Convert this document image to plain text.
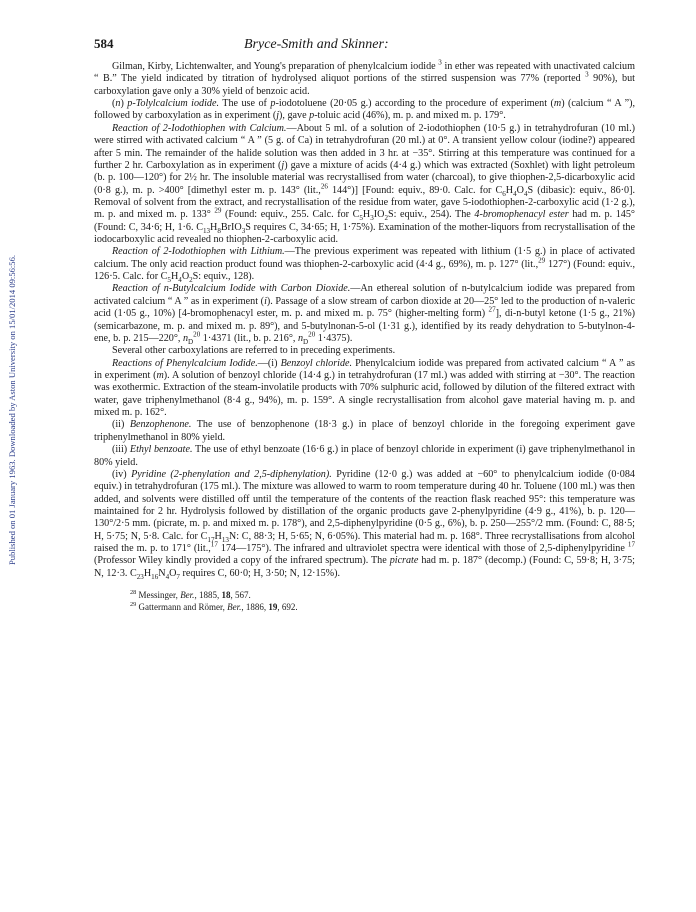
Published on 01 January 1963. Downloaded by Aston University on 15/01/2014 09:56:56.
584	Bryce-Smith and Skinner:

Gilman, Kirby, Lichtenwalter, and Young's preparation of phenylcalcium iodide $^3$ in ether was repeated with unactivated calcium “ B.” The yield indicated by titration of hydrolysed aliquot portions of the stirred suspension was 77% (reported $^3$ 90%), but carboxylation gave only a 30% yield of benzoic acid.

(n) p-Tolylcalcium iodide. The use of p-iodotoluene (20·05 g.) according to the procedure of experiment (m) (calcium “ A ”), followed by carboxylation as in experiment (j), gave p-toluic acid (46%), m. p. and mixed m. p. 179°.

Reaction of 2-Iodothiophen with Calcium.—About 5 ml. of a solution of 2-iodothiophen (10·5 g.) in tetrahydrofuran (10 ml.) were stirred with activated calcium “ A ” (5 g. of Ca) in tetrahydrofuran (20 ml.) at 0°. A transient yellow colour (iodine?) appeared after 5 min. The remainder of the halide solution was then added in 3 hr. at −35°. Stirring at this temperature was continued for a further 2 hr. Carboxylation as in experiment (j) gave a mixture of acids (4·4 g.) which was extracted (Soxhlet) with light petroleum (b. p. 100—120°) for 2½ hr. The insoluble material was recrystallised from water (charcoal), to give thiophen-2,5-dicarboxylic acid (0·8 g.), m. p. >400° [dimethyl ester m. p. 143° (lit.,$^{26}$ 144°)] [Found: equiv., 89·0. Calc. for $C_6H_4O_4S$ (dibasic): equiv., 86·0]. Removal of solvent from the extract, and recrystallisation of the residue from water, gave 5-iodothiophen-2-carboxylic acid (1·2 g.), m. p. and mixed m. p. 133° $^{29}$ (Found: equiv., 255. Calc. for $C_5H_3IO_2S$: equiv., 254). The 4-bromophenacyl ester had m. p. 145° (Found: C, 34·6; H, 1·6. $C_{13}H_8BrIO_3S$ requires C, 34·65; H, 1·75%). Examination of the mother-liquors from recrystallisation of the iodocarboxylic acid revealed no thiophen-2-carboxylic acid.

Reaction of 2-Iodothiophen with Lithium.—The previous experiment was repeated with lithium (1·5 g.) in place of activated calcium. The only acid reaction product found was thiophen-2-carboxylic acid (4·4 g., 69%), m. p. 127° (lit.,$^{29}$ 127°) (Found: equiv., 126·5. Calc. for $C_5H_4O_2S$: equiv., 128).

Reaction of n-Butylcalcium Iodide with Carbon Dioxide.—An ethereal solution of n-butylcalcium iodide was prepared from activated calcium “ A ” as in experiment (i). Passage of a slow stream of carbon dioxide at 20—25° led to the production of n-valeric acid (1·05 g., 10%) [4-bromophenacyl ester, m. p. and mixed m. p. 75° (higher-melting form) $^{27}$], di-n-butyl ketone (1·5 g., 21%) (semicarbazone, m. p. and mixed m. p. 89°), and 5-butylnonan-5-ol (1·31 g.), identified by its ready dehydration to 5-butylnon-4-ene, b. p. 215—220°, $n_D^{20}$ 1·4371 (lit., b. p. 216°, $n_D^{20}$ 1·4375).

Several other carboxylations are referred to in preceding experiments.

Reactions of Phenylcalcium Iodide.—(i) Benzoyl chloride. Phenylcalcium iodide was prepared from activated calcium “ A ” as in experiment (m). A solution of benzoyl chloride (14·4 g.) in tetrahydrofuran (17 ml.) was added with stirring at −30°. The reaction was exothermic. Extraction of the steam-involatile products with 70% sulphuric acid, followed by dilution of the filtered extract with water, gave triphenylmethanol (8·4 g., 94%), m. p. 159°. A single recrystallisation from alcohol gave material having m. p. and mixed m. p. 162°.

(ii) Benzophenone. The use of benzophenone (18·3 g.) in place of benzoyl chloride in the foregoing experiment gave triphenylmethanol in 80% yield.

(iii) Ethyl benzoate. The use of ethyl benzoate (16·6 g.) in place of benzoyl chloride in experiment (i) gave triphenylmethanol in 80% yield.

(iv) Pyridine (2-phenylation and 2,5-diphenylation). Pyridine (12·0 g.) was added at −60° to phenylcalcium iodide (0·084 equiv.) in tetrahydrofuran (175 ml.). The mixture was allowed to warm to room temperature during 40 hr. Toluene (100 ml.) was then added, and solvents were distilled off until the temperature of the contents of the reaction flask reached 95°: this temperature was maintained for 2 hr. Hydrolysis followed by distillation of the organic products gave 2-phenylpyridine (4·9 g., 41%), b. p. 120—130°/2·5 mm. (picrate, m. p. and mixed m. p. 178°), and 2,5-diphenylpyridine (0·5 g., 6%), b. p. 250—255°/2 mm. (Found: C, 88·5; H, 5·75; N, 5·8. Calc. for $C_{17}H_{13}N$: C, 88·3; H, 5·65; N, 6·05%). This material had m. p. 168°. Three recrystallisations from alcohol raised the m. p. to 171° (lit.,$^{17}$ 174—175°). The infrared and ultraviolet spectra were identical with those of 2,5-diphenylpyridine $^{17}$ (Professor Wiley kindly provided a copy of the infrared spectrum). The picrate had m. p. 187° (decomp.) (Found: C, 59·8; H, 3·75; N, 12·3. $C_{23}H_{16}N_4O_7$ requires C, 60·0; H, 3·50; N, 12·15%).

$^{28}$ Messinger, Ber., 1885, 18, 567.

$^{29}$ Gattermann and Römer, Ber., 1886, 19, 692.
